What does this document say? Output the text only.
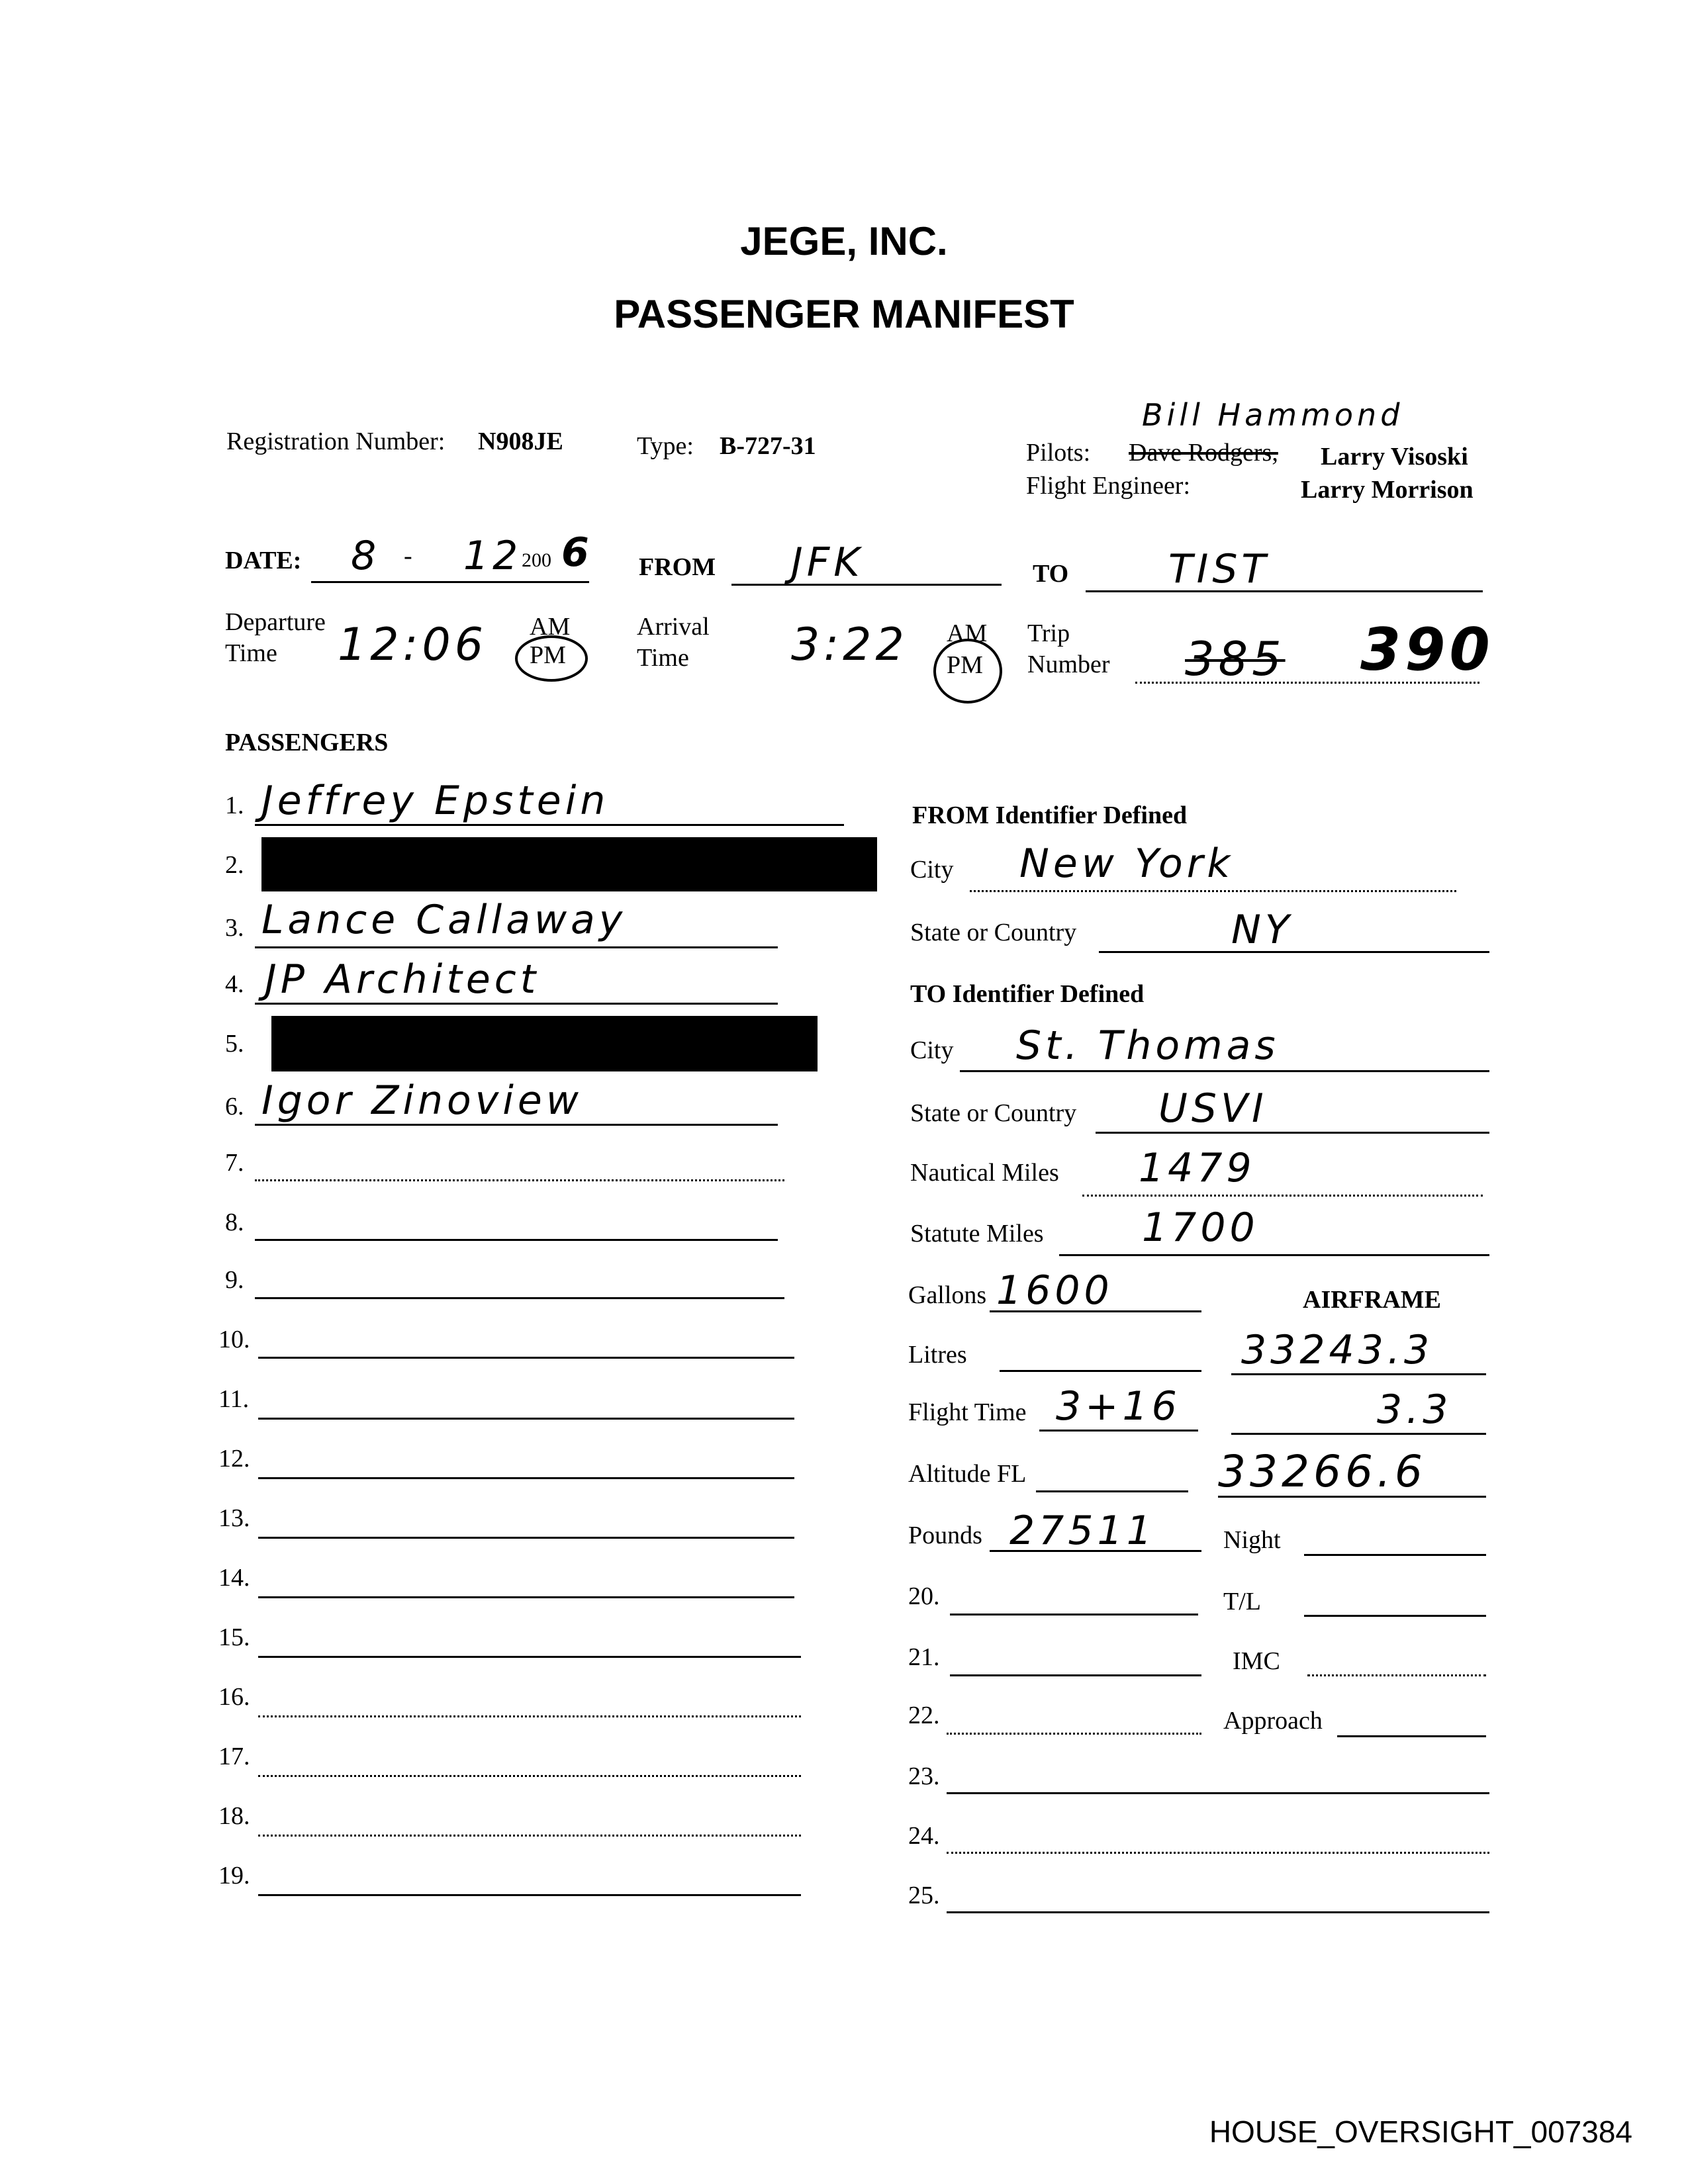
JEGE, INC.
PASSENGER MANIFEST
Registration Number: N908JE	Type: B-727-31
Bill Hammond
Pilots: Dave Rodgers, Larry Visoski
Flight Engineer:	Larry Morrison
DATE: 8 - 12 200 6 FROM JFK	TO	TIST
Departure
Time 12:06 AM
PM
Arrival
Time 3:22 AM
PM
Trip
Number 385 390
PASSENGERS
1. Jeffrey Epstein
2.
3. Lance Callaway
4. JP Architect
5.
6. Igor Zinoview
7.
8.
9.
10.
11.
12.
13.
14.
15.
16.
17.
18.
19.
FROM Identifier Defined
City New York
State or Country	NY
TO Identifier Defined
City St. Thomas
State or Country USVI
Nautical Miles 1479
Statute Miles 1700
Gallons 1600	AIRFRAME
Litres	33243.3
Flight Time 3+16	3.3
Altitude FL	33266.6
Pounds 27511	Night
20.	T/L
21.	IMC
22.	Approach
23.
24.
25.
HOUSE_OVERSIGHT_007384
